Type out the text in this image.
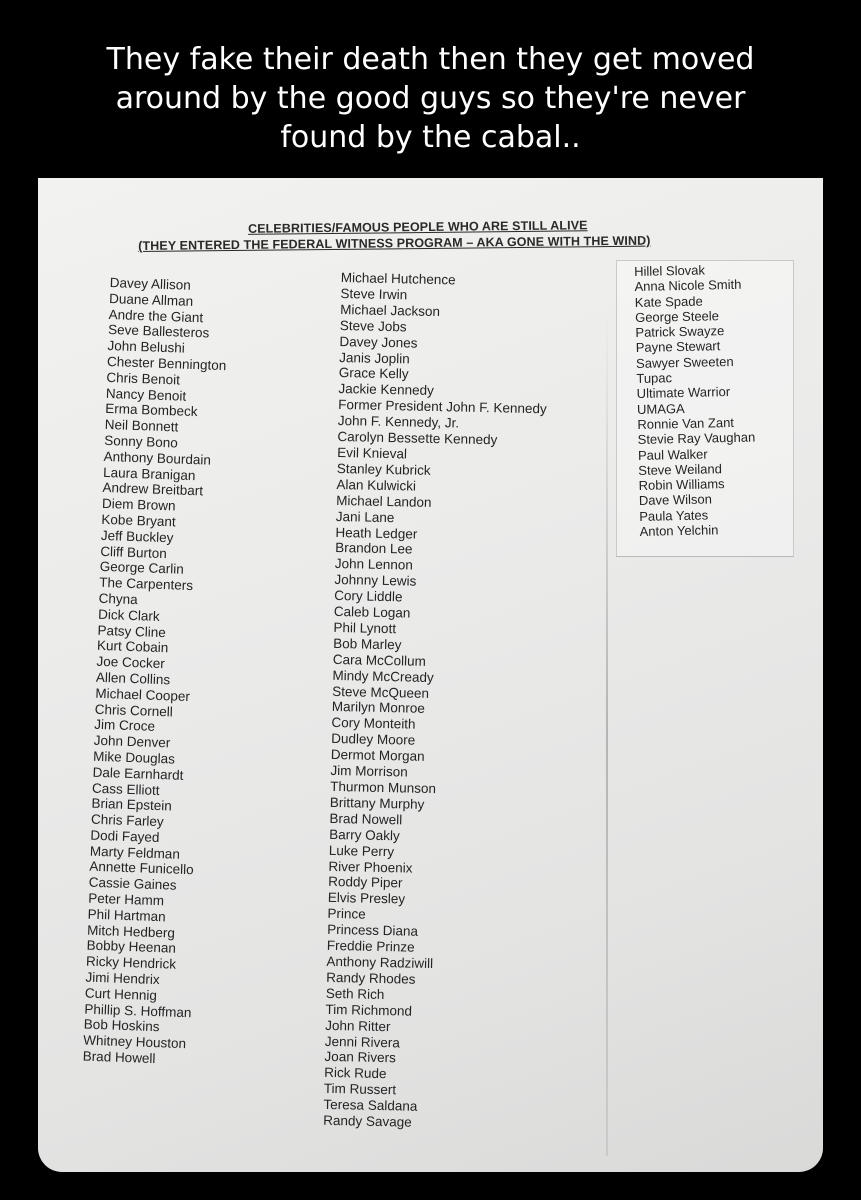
They fake their death then they get moved
around by the good guys so they're never
found by the cabal..
CELEBRITIES/FAMOUS PEOPLE WHO ARE STILL ALIVE
(THEY ENTERED THE FEDERAL WITNESS PROGRAM – AKA GONE WITH THE WIND)
Davey Allison
Duane Allman
Andre the Giant
Seve Ballesteros
John Belushi
Chester Bennington
Chris Benoit
Nancy Benoit
Erma Bombeck
Neil Bonnett
Sonny Bono
Anthony Bourdain
Laura Branigan
Andrew Breitbart
Diem Brown
Kobe Bryant
Jeff Buckley
Cliff Burton
George Carlin
The Carpenters
Chyna
Dick Clark
Patsy Cline
Kurt Cobain
Joe Cocker
Allen Collins
Michael Cooper
Chris Cornell
Jim Croce
John Denver
Mike Douglas
Dale Earnhardt
Cass Elliott
Brian Epstein
Chris Farley
Dodi Fayed
Marty Feldman
Annette Funicello
Cassie Gaines
Peter Hamm
Phil Hartman
Mitch Hedberg
Bobby Heenan
Ricky Hendrick
Jimi Hendrix
Curt Hennig
Phillip S. Hoffman
Bob Hoskins
Whitney Houston
Brad Howell
Michael Hutchence
Steve Irwin
Michael Jackson
Steve Jobs
Davey Jones
Janis Joplin
Grace Kelly
Jackie Kennedy
Former President John F. Kennedy
John F. Kennedy, Jr.
Carolyn Bessette Kennedy
Evil Knieval
Stanley Kubrick
Alan Kulwicki
Michael Landon
Jani Lane
Heath Ledger
Brandon Lee
John Lennon
Johnny Lewis
Cory Liddle
Caleb Logan
Phil Lynott
Bob Marley
Cara McCollum
Mindy McCready
Steve McQueen
Marilyn Monroe
Cory Monteith
Dudley Moore
Dermot Morgan
Jim Morrison
Thurmon Munson
Brittany Murphy
Brad Nowell
Barry Oakly
Luke Perry
River Phoenix
Roddy Piper
Elvis Presley
Prince
Princess Diana
Freddie Prinze
Anthony Radziwill
Randy Rhodes
Seth Rich
Tim Richmond
John Ritter
Jenni Rivera
Joan Rivers
Rick Rude
Tim Russert
Teresa Saldana
Randy Savage
Hillel Slovak
Anna Nicole Smith
Kate Spade
George Steele
Patrick Swayze
Payne Stewart
Sawyer Sweeten
Tupac
Ultimate Warrior
UMAGA
Ronnie Van Zant
Stevie Ray Vaughan
Paul Walker
Steve Weiland
Robin Williams
Dave Wilson
Paula Yates
Anton Yelchin
